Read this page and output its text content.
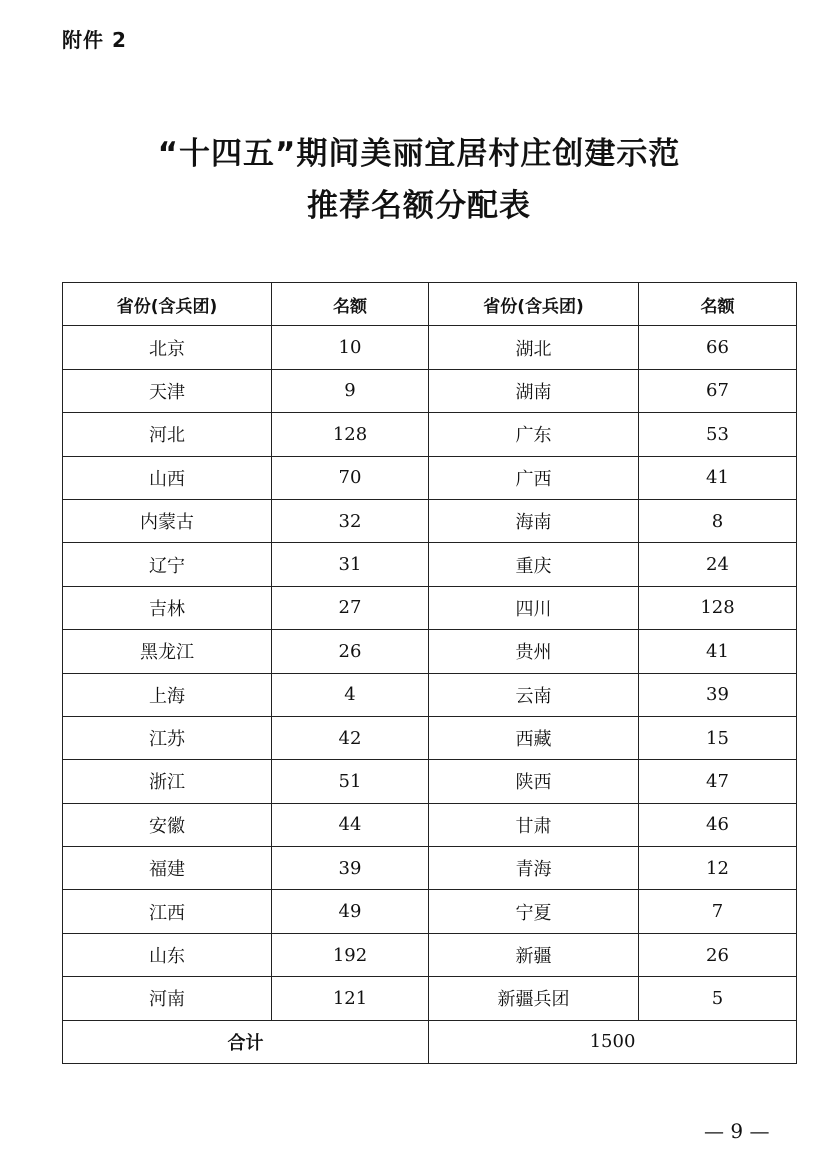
附件 2
“十四五”期间美丽宜居村庄创建示范
推荐名额分配表
省份(含兵团)	名额	省份(含兵团)	名额
北京	10	湖北	66
天津	9	湖南	67
河北	128	广东	53
山西	70	广西	41
内蒙古	32	海南	8
辽宁	31	重庆	24
吉林	27	四川	128
黑龙江	26	贵州	41
上海	4	云南	39
江苏	42	西藏	15
浙江	51	陕西	47
安徽	44	甘肃	46
福建	39	青海	12
江西	49	宁夏	7
山东	192	新疆	26
河南	121	新疆兵团	5
合计		1500	
— 9 —
